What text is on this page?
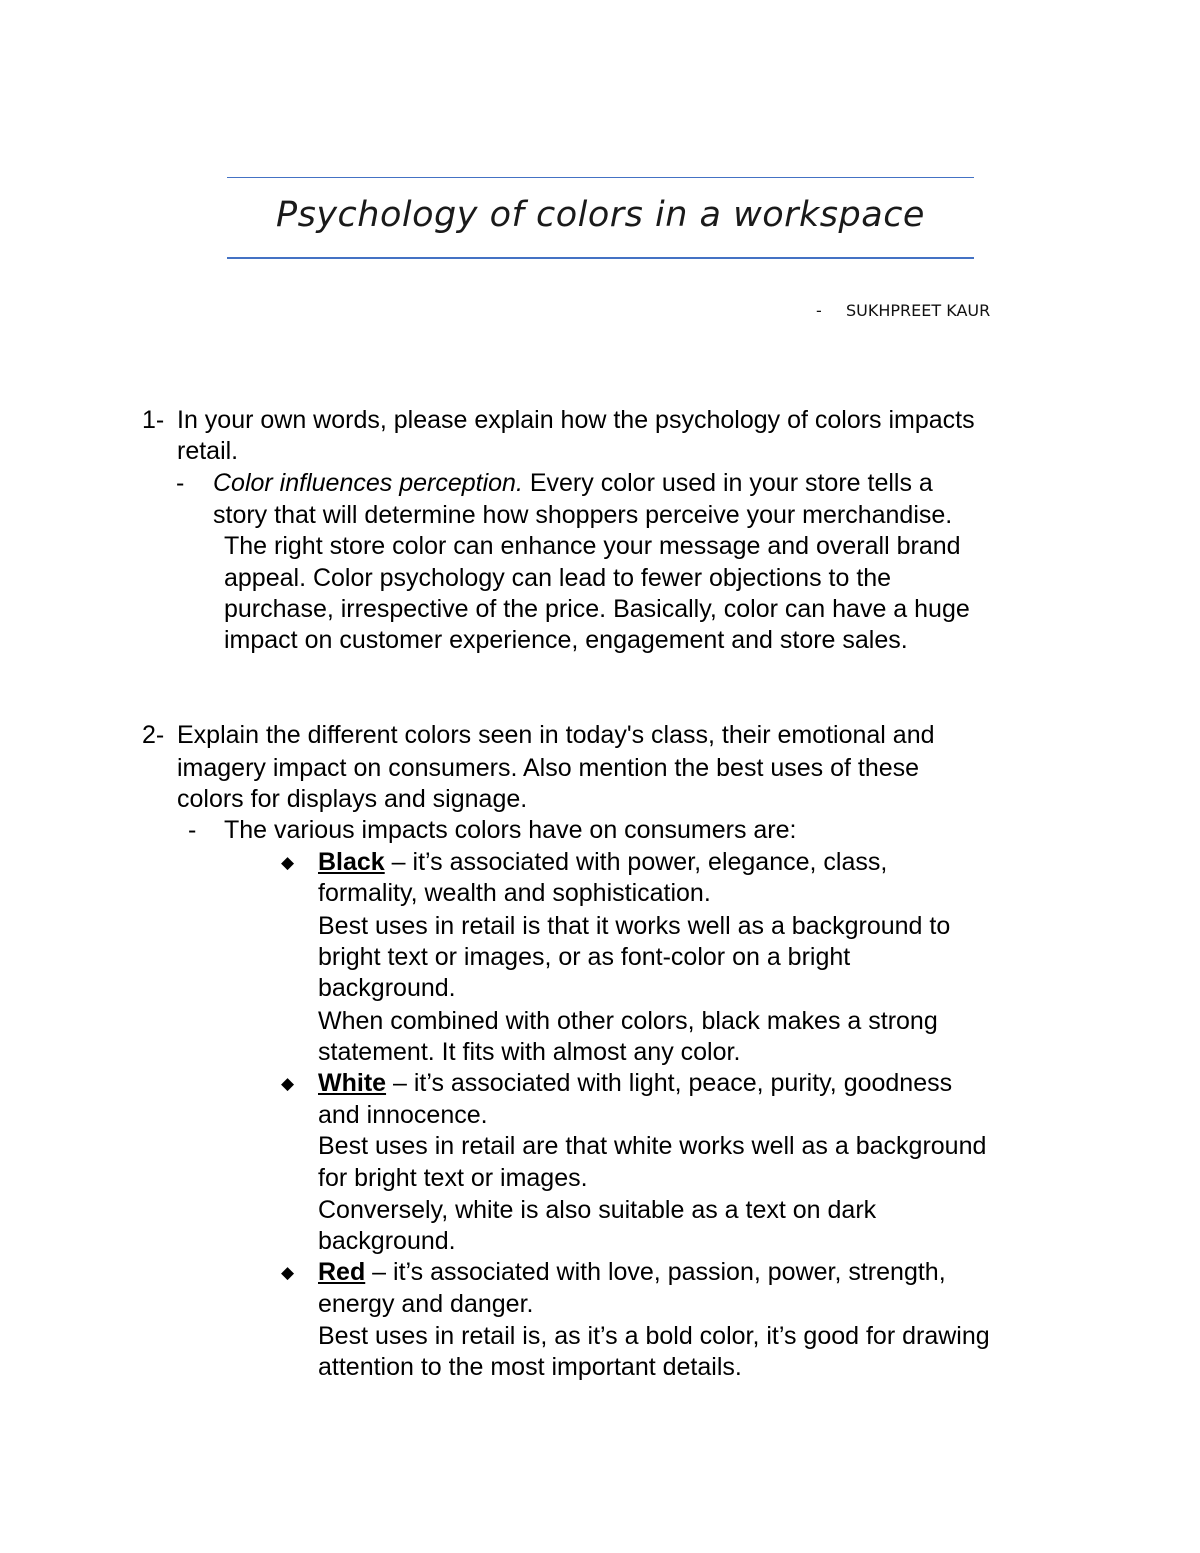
Psychology of colors in a workspace
- SUKHPREET KAUR
1- In your own words, please explain how the psychology of colors impacts
retail.
- Color influences perception. Every color used in your store tells a
story that will determine how shoppers perceive your merchandise.
The right store color can enhance your message and overall brand
appeal. Color psychology can lead to fewer objections to the
purchase, irrespective of the price. Basically, color can have a huge
impact on customer experience, engagement and store sales.
2- Explain the different colors seen in today's class, their emotional and
imagery impact on consumers. Also mention the best uses of these
colors for displays and signage.
- The various impacts colors have on consumers are:
◆ Black – it’s associated with power, elegance, class,
formality, wealth and sophistication.
Best uses in retail is that it works well as a background to
bright text or images, or as font-color on a bright
background.
When combined with other colors, black makes a strong
statement. It fits with almost any color.
◆ White – it’s associated with light, peace, purity, goodness
and innocence.
Best uses in retail are that white works well as a background
for bright text or images.
Conversely, white is also suitable as a text on dark
background.
◆ Red – it’s associated with love, passion, power, strength,
energy and danger.
Best uses in retail is, as it’s a bold color, it’s good for drawing
attention to the most important details.
